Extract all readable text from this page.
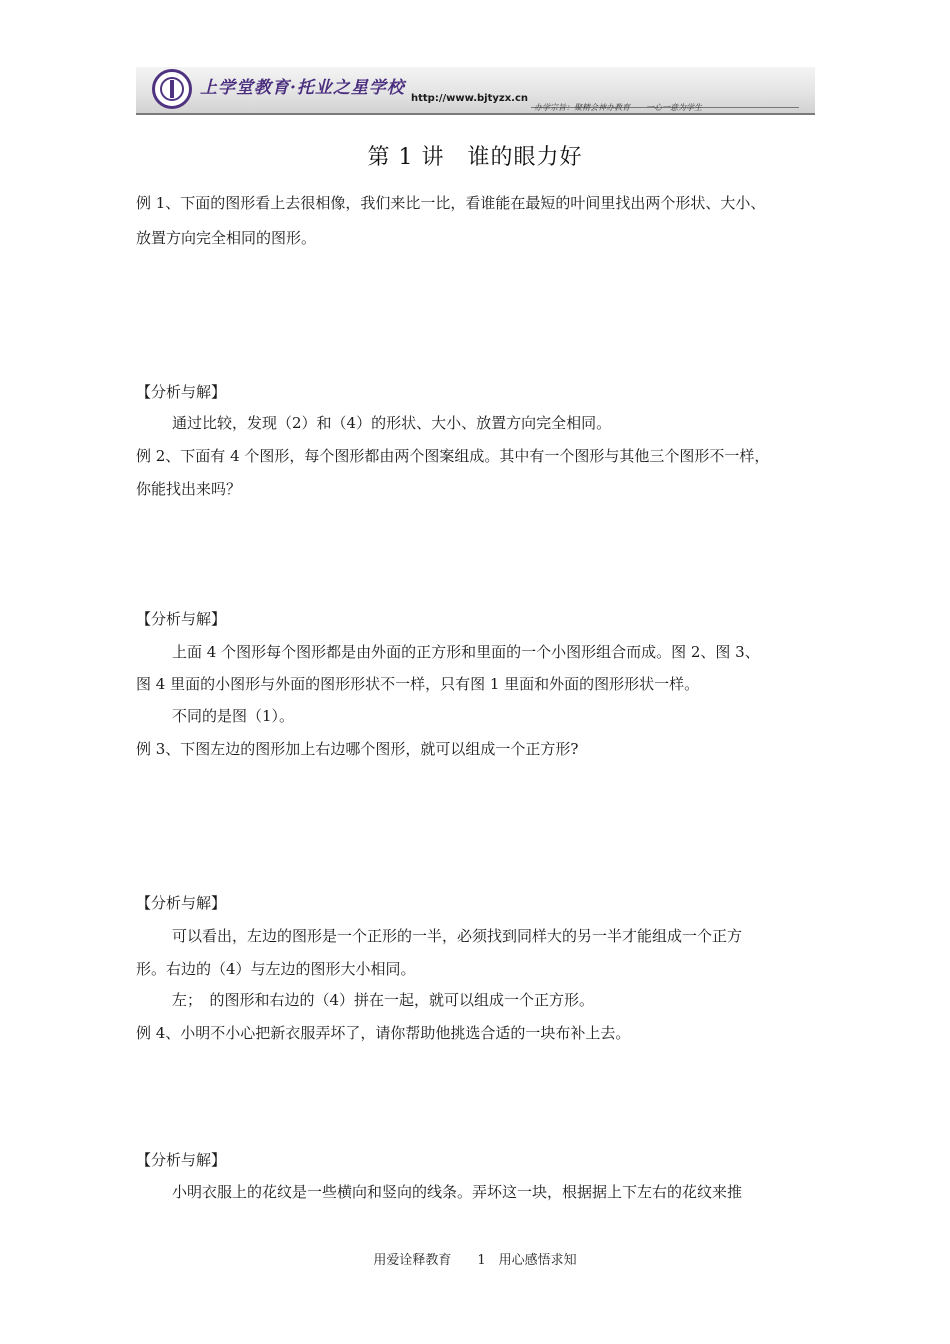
上学堂教育·托业之星学校
http://www.bjtyzx.cn
办学宗旨：聚精会神办教育　　一心一意为学生
第 1 讲　谁的眼力好
例 1、下面的图形看上去很相像，我们来比一比，看谁能在最短的叶间里找出两个形状、大小、
放置方向完全相同的图形。
【分析与解】
通过比较，发现（2）和（4）的形状、大小、放置方向完全相同。
例 2、下面有 4 个图形，每个图形都由两个图案组成。其中有一个图形与其他三个图形不一样，
你能找出来吗？
【分析与解】
上面 4 个图形每个图形都是由外面的正方形和里面的一个小图形组合而成。图 2、图 3、
图 4 里面的小图形与外面的图形形状不一样，只有图 1 里面和外面的图形形状一样。
不同的是图（1）。
例 3、下图左边的图形加上右边哪个图形，就可以组成一个正方形?
【分析与解】
可以看出，左边的图形是一个正形的一半，必须找到同样大的另一半才能组成一个正方
形。右边的（4）与左边的图形大小相同。
左；　的图形和右边的（4）拼在一起，就可以组成一个正方形。
例 4、小明不小心把新衣服弄坏了，请你帮助他挑选合适的一块布补上去。
【分析与解】
小明衣服上的花纹是一些横向和竖向的线条。弄坏这一块，根据据上下左右的花纹来推
用爱诠释教育　　1　用心感悟求知
